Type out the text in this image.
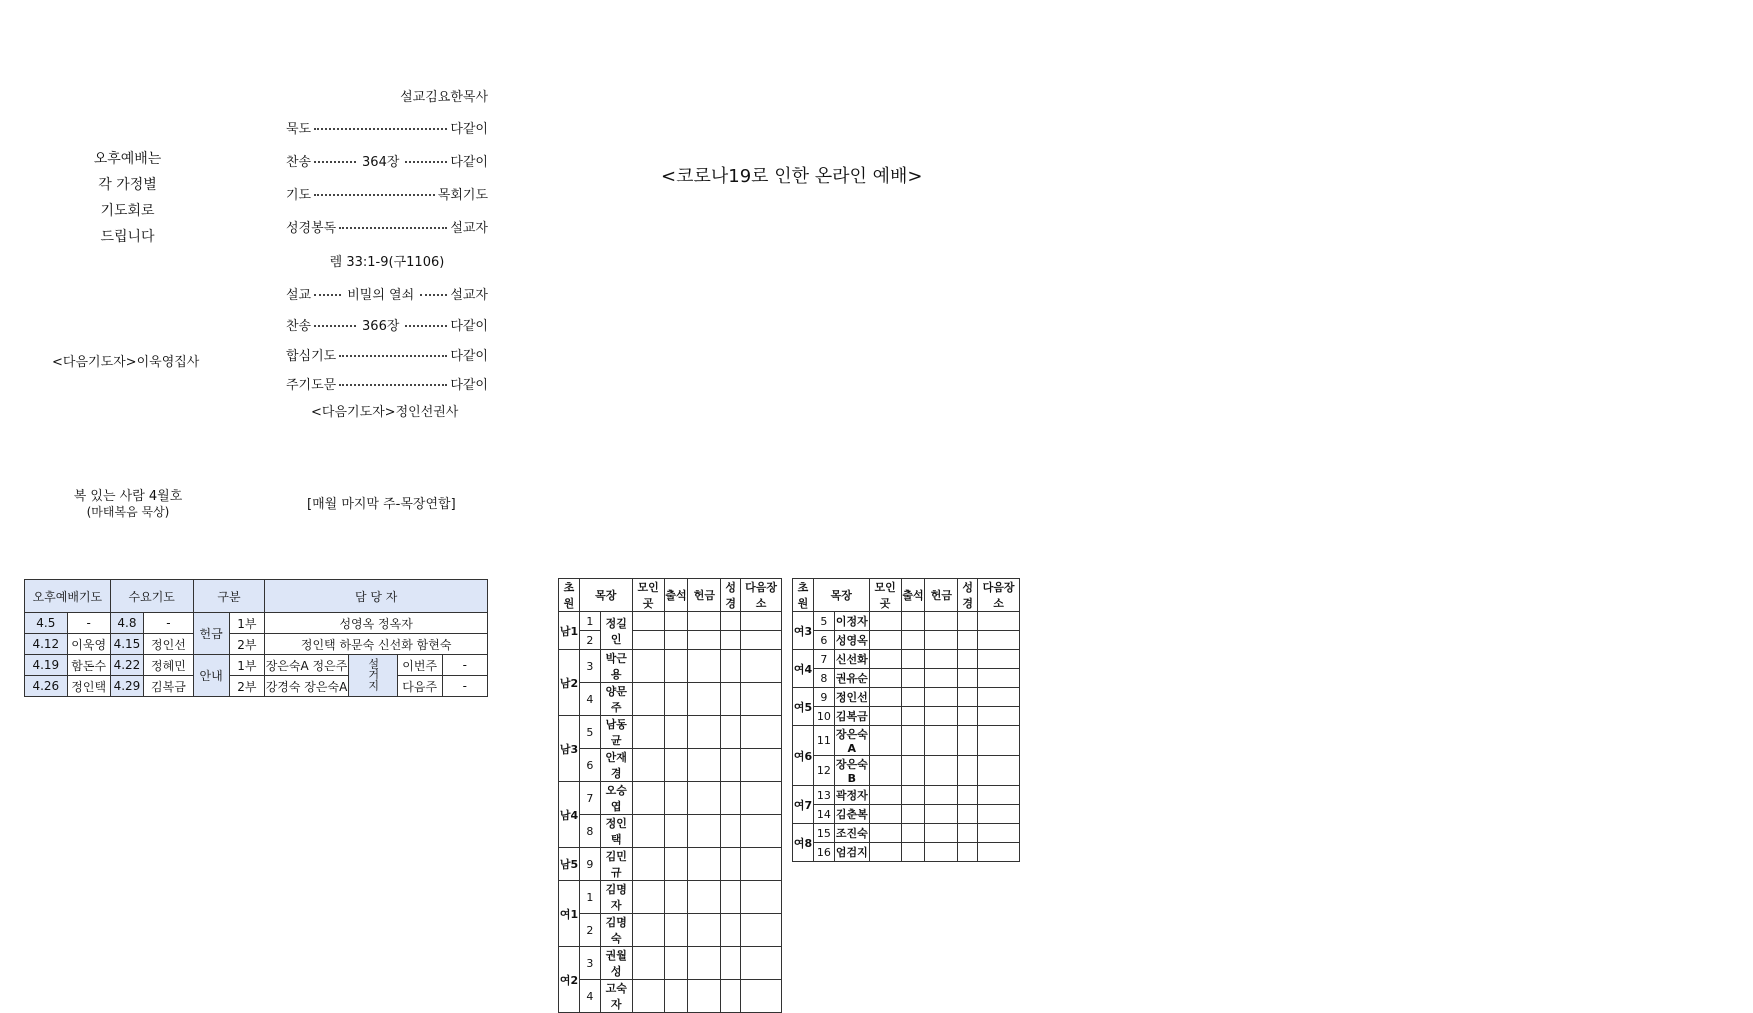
오후예배는
각 가정별
기도회로
드립니다
<다음기도자>이욱영집사
설교김요한목사
묵도	다같이
찬송	364장	다같이
기도	목회기도
성경봉독	설교자
렘 33:1-9(구1106)
설교	비밀의 열쇠	설교자
찬송	366장	다같이
합심기도	다같이
주기도문	다같이
<다음기도자>정인선권사
<코로나19로 인한 온라인 예배>
복 있는 사람 4월호
(마태복음 묵상)	[매월 마지막 주-목장연합]
오후예배기도		수요기도		구분		담 당 자			
4.5	-	4.8	-	헌금	1부	성영옥 정옥자			
4.12	이욱영	4.15	정인선		2부	정인택 하문숙 신선화 함현숙			
4.19	함돈수	4.22	정혜민	안내	1부	장은숙A 정은주	설거지	이번주	-
4.26	정인택	4.29	김복금		2부	강경숙 장은숙A		다음주	-
초원	목장		모인곳	출석	헌금	성경	다음장소
남1	1	정길인					
	2						
남2	3	박근용					
	4	양문주					
남3	5	남동균					
	6	안재경					
남4	7	오승엽					
	8	정인택					
남5	9	김민규					
여1	1	김명자					
	2	김명숙					
여2	3	권월성					
	4	고숙자					
초원	목장		모인곳	출석	헌금	성경	다음장소
여3	5	이정자					
	6	성영옥					
여4	7	신선화					
	8	권유순					
여5	9	정인선					
	10	김복금					
여6	11	장은숙A					
	12	장은숙B					
여7	13	곽정자					
	14	김춘복					
여8	15	조진숙					
	16	엄검지					
